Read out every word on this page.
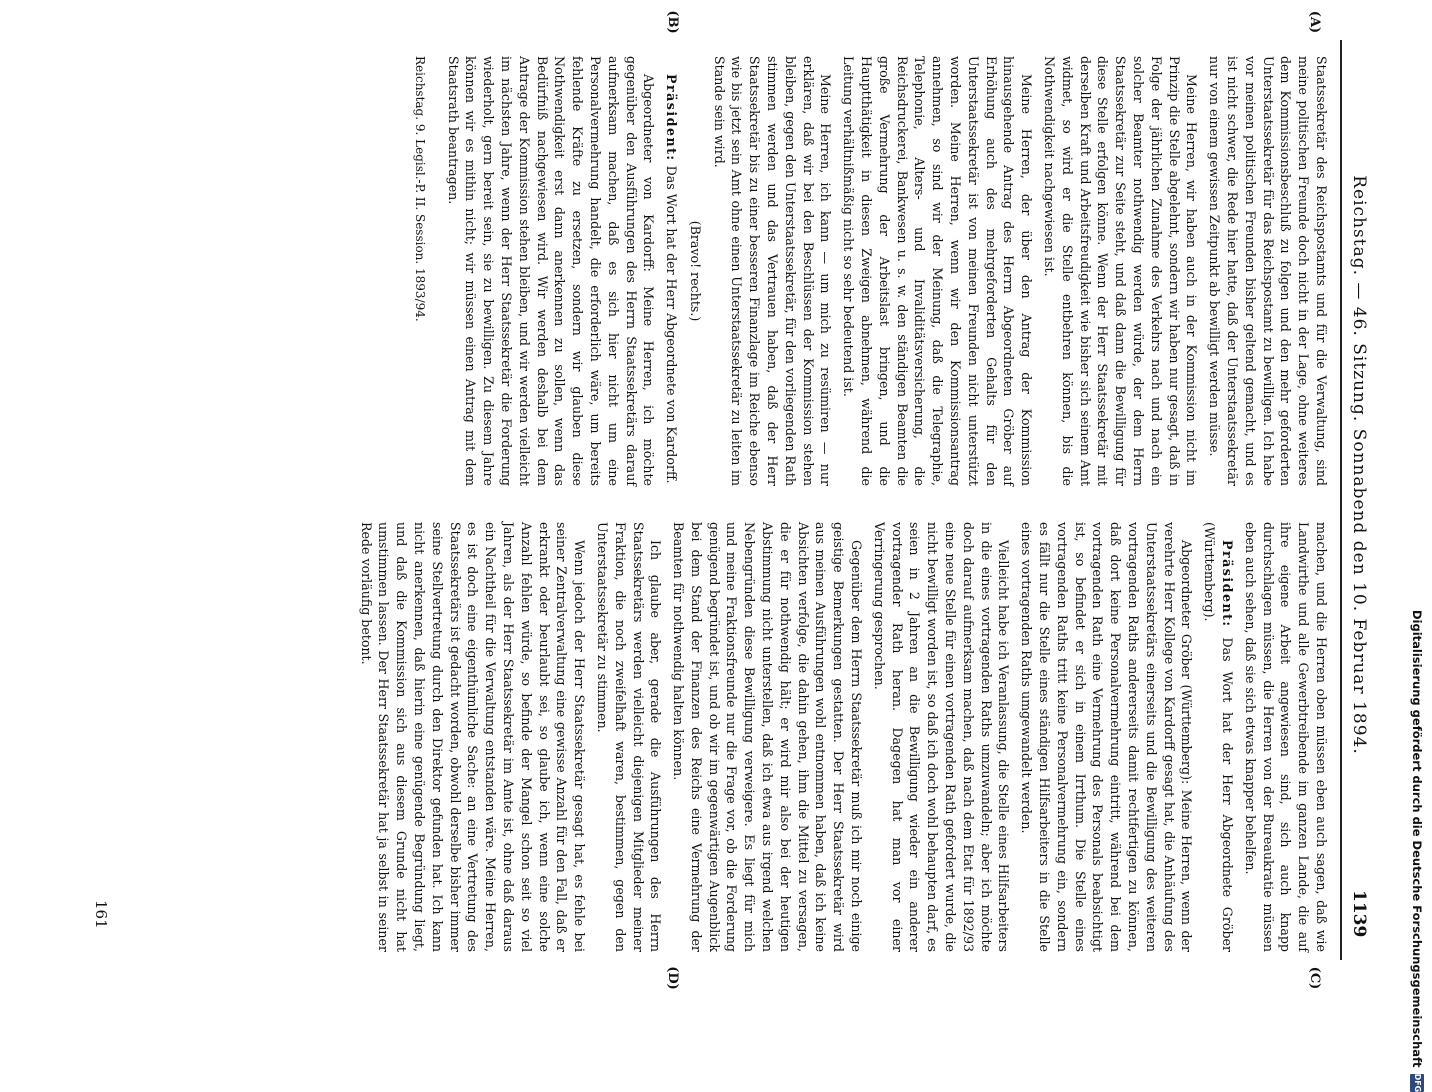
Reichstag. — 46. Sitzung. Sonnabend den 10. Februar 1894.
1139
(A)
(B)
(C)
(D)

Staatssekretär des Reichspostamts und für die Verwaltung, sind meine politischen Freunde doch nicht in der Lage, ohne weiteres dem Kommissionsbeschluß zu folgen und den mehr geforderten Unterstaatssekretär für das Reichspostamt zu bewilligen. Ich habe vor meinen politischen Freunden bisher geltend gemacht, und es ist nicht schwer, die Rede hier hatte, daß der Unterstaatssekretär nur von einem gewissen Zeitpunkt ab bewilligt werden müsse.

Meine Herren, wir haben auch in der Kommission nicht im Prinzip die Stelle abgelehnt, sondern wir haben nur gesagt, daß in Folge der jährlichen Zunahme des Verkehrs nach und nach ein solcher Beamter nothwendig werden würde, der dem Herrn Staatssekretär zur Seite steht, und daß dann die Bewilligung für diese Stelle erfolgen könne. Wenn der Herr Staatssekretär mit derselben Kraft und Arbeitsfreudigkeit wie bisher sich seinem Amt widmet, so wird er die Stelle entbehren können, bis die Nothwendigkeit nachgewiesen ist.

Meine Herren, der über den Antrag der Kommission hinausgehende Antrag des Herrn Abgeordneten Gröber auf Erhöhung auch des mehrgeforderten Gehalts für den Unterstaatssekretär ist von meinen Freunden nicht unterstützt worden. Meine Herren, wenn wir den Kommissionsantrag annehmen, so sind wir der Meinung, daß die Telegraphie, Telephonie, Alters- und Invaliditätsversicherung, die Reichsdruckerei, Bankwesen u. s. w. den ständigen Beamten die große Vermehrung der Arbeitslast bringen, und die Hauptthätigkeit in diesen Zweigen abnehmen, während die Leitung verhältnißmäßig nicht so sehr bedeutend ist.

Meine Herren, ich kann — um mich zu resümiren — nur erklären, daß wir bei den Beschlüssen der Kommission stehen bleiben, gegen den Unterstaatssekretär, für den vorliegenden Rath stimmen werden und das Vertrauen haben, daß der Herr Staatssekretär bis zu einer besseren Finanzlage im Reiche ebenso wie bis jetzt sein Amt ohne einen Unterstaatssekretär zu leiten im Stande sein wird.

(Bravo! rechts.)

Präsident: Das Wort hat der Herr Abgeordnete von Kardorff.

Abgeordneter von Kardorff: Meine Herren, ich möchte gegenüber den Ausführungen des Herrn Staatssekretärs darauf aufmerksam machen, daß es sich hier nicht um eine Personalvermehrung handelt, die erforderlich wäre, um bereits fehlende Kräfte zu ersetzen, sondern wir glauben diese Nothwendigkeit erst dann anerkennen zu sollen, wenn das Bedürfniß nachgewiesen wird. Wir werden deshalb bei dem Antrage der Kommission stehen bleiben, und wir werden vielleicht im nächsten Jahre, wenn der Herr Staatssekretär die Forderung wiederholt, gern bereit sein, sie zu bewilligen. Zu diesem Jahre können wir es mithin nicht; wir müssen einen Antrag mit dem Staatsrath beantragen.

Reichstag. 9. Legisl.-P. II. Session. 1893/94.

machen, und die Herren oben müssen eben auch sagen, daß wie Landwirthe und alle Gewerbtreibende im ganzen Lande, die auf ihre eigene Arbeit angewiesen sind, sich auch knapp durchschlagen müssen, die Herren von der Bureaukratie müssen eben auch sehen, daß sie sich etwas knapper behelfen.

Präsident: Das Wort hat der Herr Abgeordnete Gröber (Württemberg).

Abgeordneter Gröber (Württemberg): Meine Herren, wenn der verehrte Herr Kollege von Kardorff gesagt hat, die Anhäufung des Unterstaatssekretärs einerseits und die Bewilligung des weiteren vortragenden Raths andererseits damit rechtfertigen zu können, daß dort keine Personalvermehrung eintritt, während bei dem vortragenden Rath eine Vermehrung des Personals beabsichtigt ist, so befindet er sich in einem Irrthum. Die Stelle eines vortragenden Raths tritt keine Personalvermehrung ein, sondern es fällt nur die Stelle eines ständigen Hilfsarbeiters in die Stelle eines vortragenden Raths umgewandelt werden.

Vielleicht habe ich Veranlassung, die Stelle eines Hilfsarbeiters in die eines vortragenden Raths umzuwandeln; aber ich möchte doch darauf aufmerksam machen, daß nach dem Etat für 1892/93 eine neue Stelle für einen vortragenden Rath gefordert wurde, die nicht bewilligt worden ist, so daß ich doch wohl behaupten darf, es seien in 2 Jahren an die Bewilligung wieder ein anderer vortragender Rath heran. Dagegen hat man vor einer Verringerung gesprochen.

Gegenüber dem Herrn Staatssekretär muß ich mir noch einige geistige Bemerkungen gestatten. Der Herr Staatssekretär wird aus meinen Ausführungen wohl entnommen haben, daß ich keine Absichten verfolge, die dahin gehen, ihm die Mittel zu versagen, die er für nothwendig hält; er wird mir also bei der heutigen Abstimmung nicht unterstellen, daß ich etwa aus irgend welchen Nebengründen diese Bewilligung verweigere. Es liegt für mich und meine Fraktionsfreunde nur die Frage vor, ob die Forderung genügend begründet ist, und ob wir im gegenwärtigen Augenblick bei dem Stand der Finanzen des Reichs eine Vermehrung der Beamten für nothwendig halten können.

Ich glaube aber, gerade die Ausführungen des Herrn Staatssekretärs werden vielleicht diejenigen Mitglieder meiner Fraktion, die noch zweifelhaft waren, bestimmen, gegen den Unterstaatssekretär zu stimmen.

Wenn jedoch der Herr Staatssekretär gesagt hat, es fehle bei seiner Zentralverwaltung eine gewisse Anzahl für den Fall, daß er erkrankt oder beurlaubt sei, so glaube ich, wenn eine solche Anzahl fehlen würde, so befinde der Mangel schon seit so viel Jahren, als der Herr Staatssekretär im Amte ist, ohne daß daraus ein Nachtheil für die Verwaltung entstanden wäre. Meine Herren, es ist doch eine eigenthümliche Sache: an eine Vertretung des Staatssekretärs ist gedacht worden, obwohl derselbe bisher immer seine Stellvertretung durch den Direktor gefunden hat. Ich kann nicht anerkennen, daß hierin eine genügende Begründung liegt, und daß die Kommission sich aus diesem Grunde nicht hat umstimmen lassen. Der Herr Staatssekretär hat ja selbst in seiner Rede vorläufig betont.

161	Digitalisierung gefördert durch die Deutsche Forschungsgemeinschaft
DFG
